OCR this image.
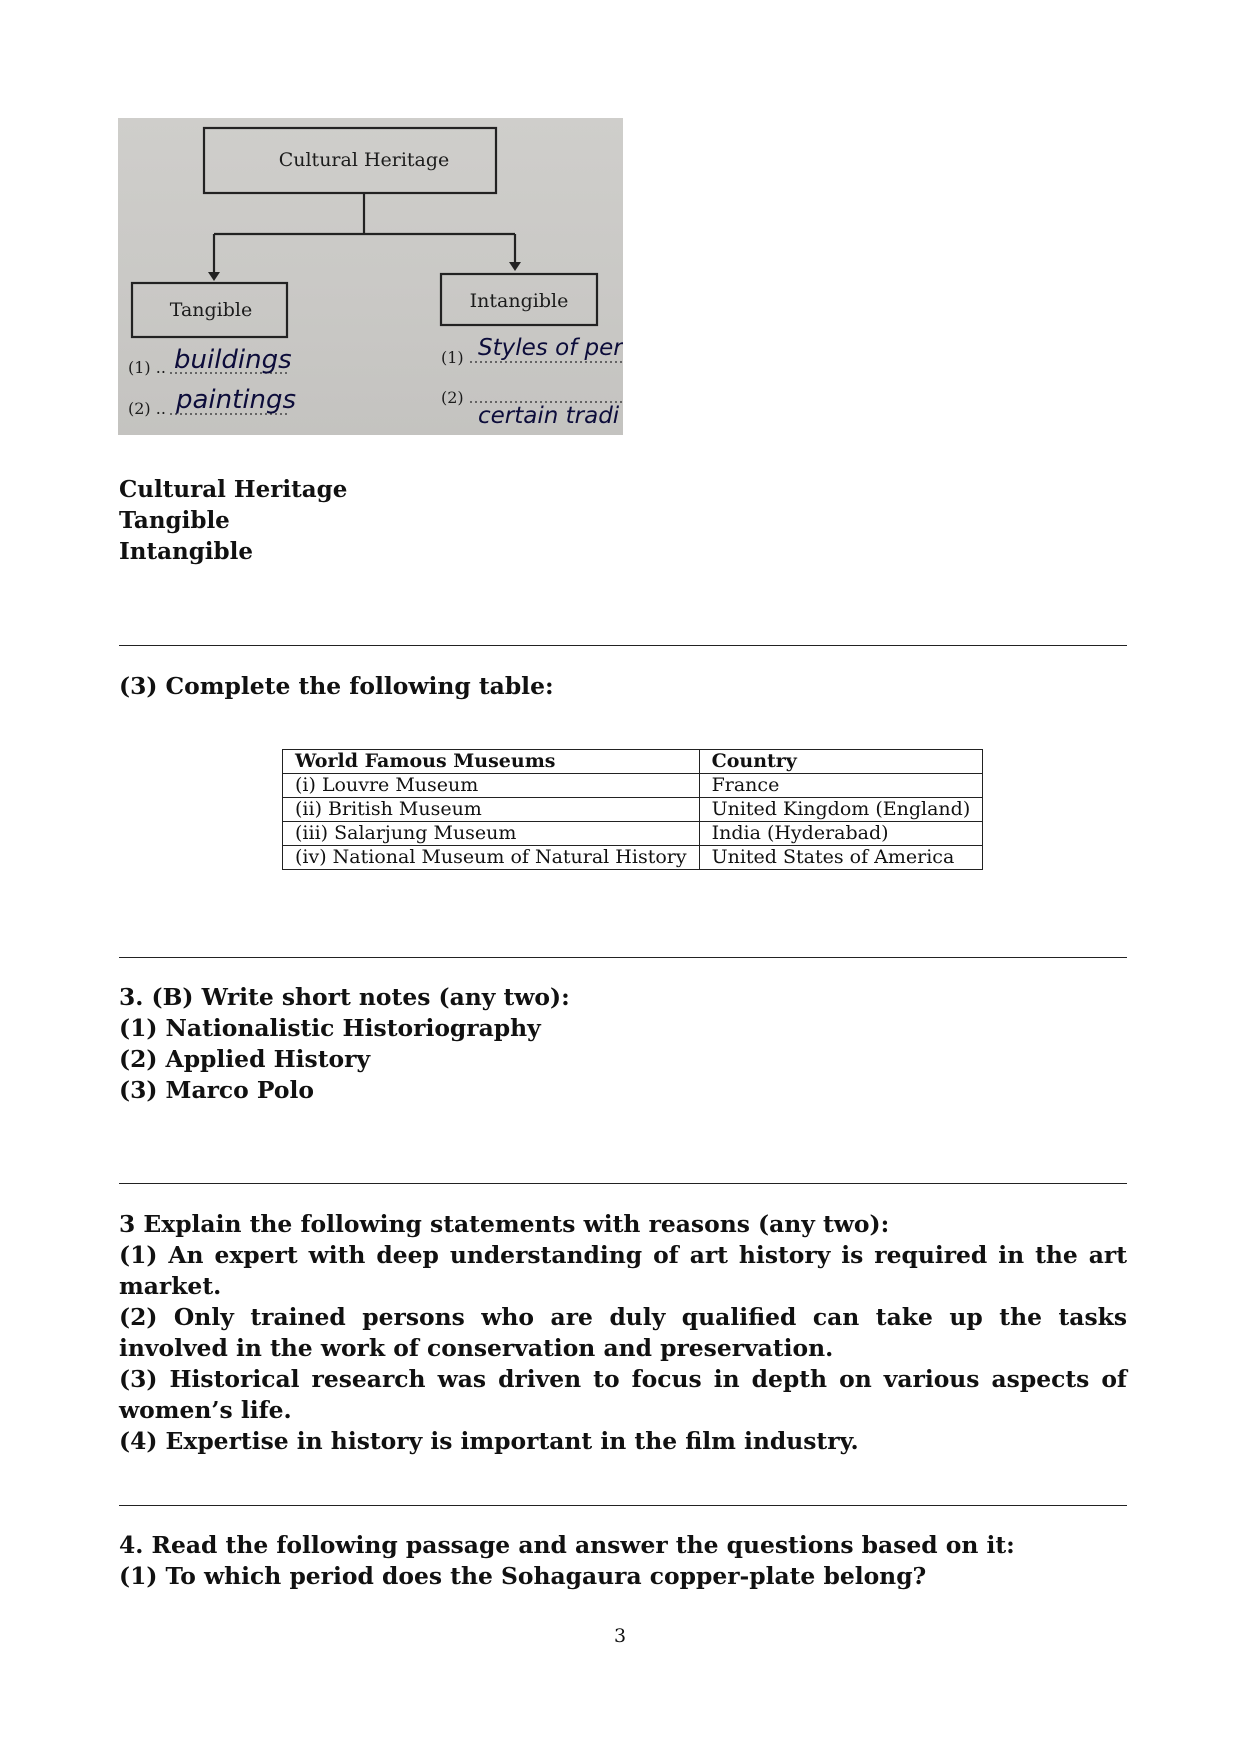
Cultural Heritage
Tangible	Intangible
(1) .. buildings
(2) .. paintings
(1) Styles of per
(2)
certain tradi
Cultural Heritage
Tangible
Intangible
(3) Complete the following table:
World Famous Museums	Country
(i) Louvre Museum	France
(ii) British Museum	United Kingdom (England)
(iii) Salarjung Museum	India (Hyderabad)
(iv) National Museum of Natural History	United States of America
3. (B) Write short notes (any two):
(1) Nationalistic Historiography
(2) Applied History
(3) Marco Polo
3 Explain the following statements with reasons (any two):
(1) An expert with deep understanding of art history is required in the art market.
(2) Only trained persons who are duly qualified can take up the tasks involved in the work of conservation and preservation.
(3) Historical research was driven to focus in depth on various aspects of women’s life.
(4) Expertise in history is important in the film industry.
4. Read the following passage and answer the questions based on it:
(1) To which period does the Sohagaura copper-plate belong?
3
